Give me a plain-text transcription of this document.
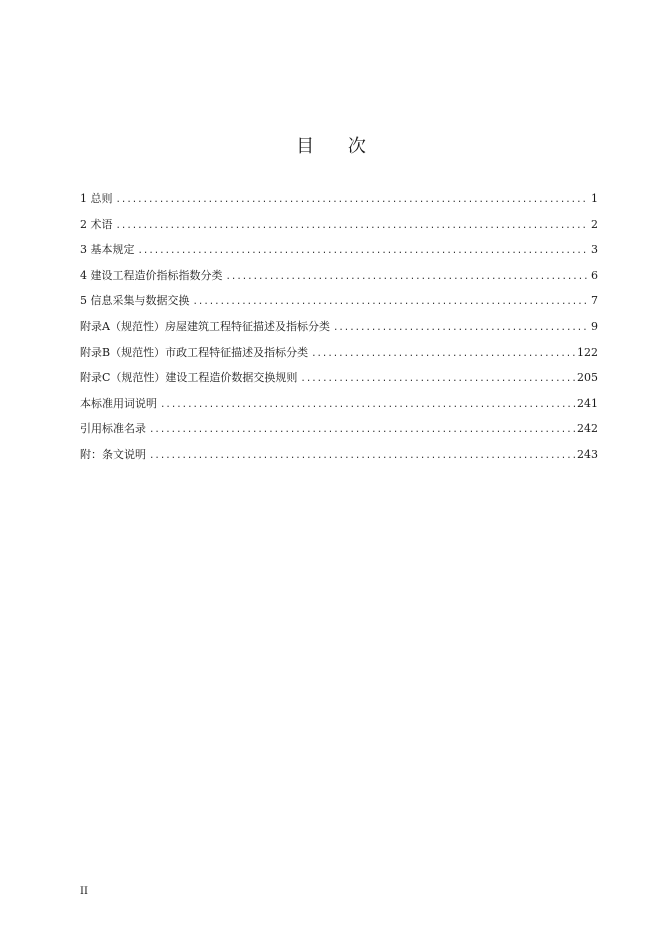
目 次
1 总则 .....	1
2 术语 .....	2
3 基本规定 .....	3
4 建设工程造价指标指数分类 .....	6
5 信息采集与数据交换 .....	7
附录A（规范性）房屋建筑工程特征描述及指标分类 .....	9
附录B（规范性）市政工程特征描述及指标分类 .....	122
附录C（规范性）建设工程造价数据交换规则 .....	205
本标准用词说明 .....	241
引用标准名录 .....	242
附：条文说明 .....	243
II
